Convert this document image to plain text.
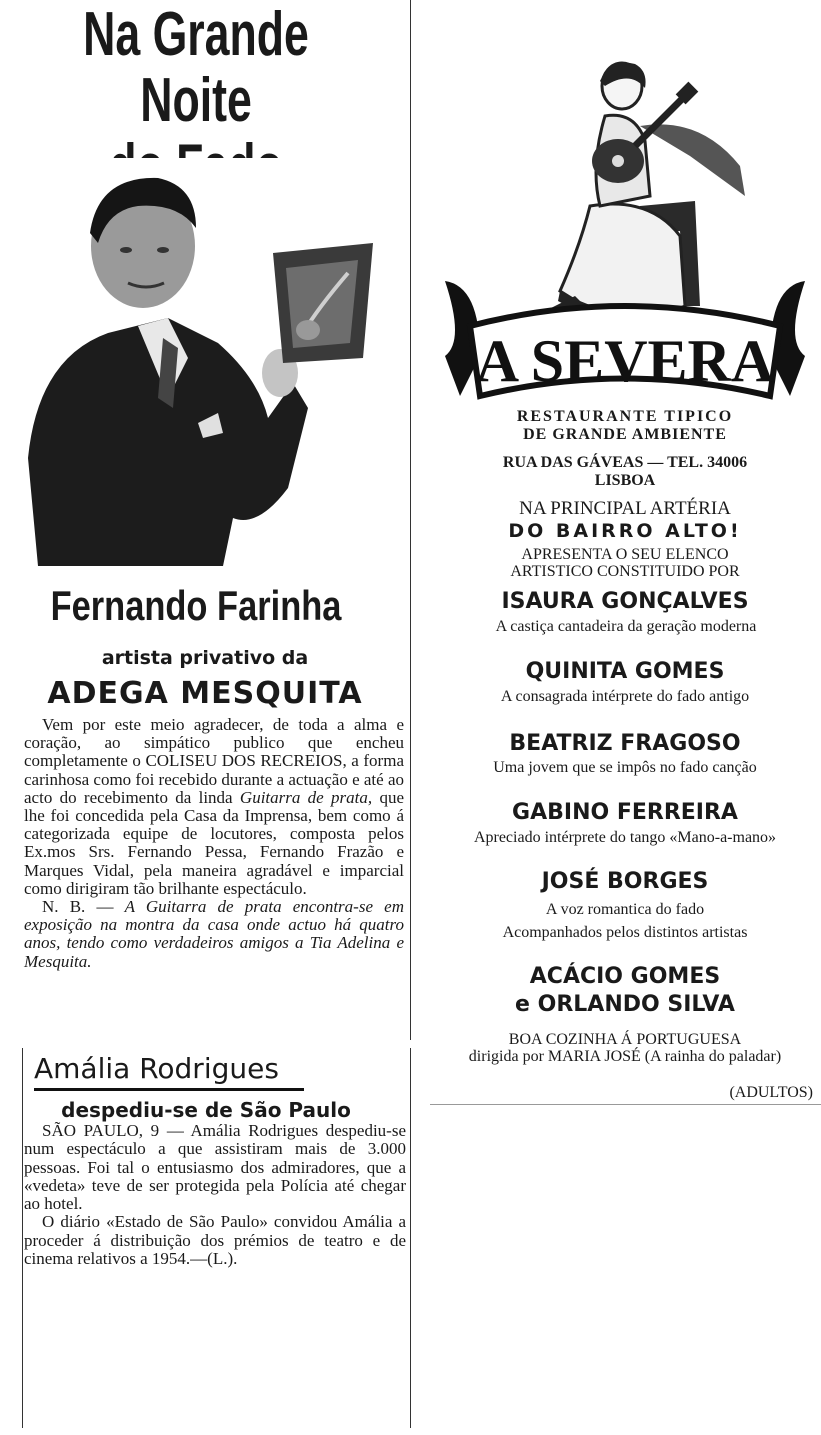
Na Grande Noite
Fernando Farinha
artista privativo da
ADEGA MESQUITA

Vem por este meio agradecer, de toda a alma e coração, ao simpático publico que encheu completamente o COLISEU DOS RECREIOS, a forma carinhosa como foi recebido durante a actuação e até ao acto do recebimento da linda Guitarra de prata, que lhe foi concedida pela Casa da Imprensa, bem como á categorizada equipe de locutores, composta pelos Ex.mos Srs. Fernando Pessa, Fernando Frazão e Marques Vidal, pela maneira agradável e imparcial como dirigiram tão brilhante espectáculo.

N. B. — A Guitarra de prata encontra-se em exposição na montra da casa onde actuo há quatro anos, tendo como verdadeiros amigos a Tia Adelina e Mesquita.

A SEVERA
RESTAURANTE TIPICO
DE GRANDE AMBIENTE
RUA DAS GÁVEAS — TEL. 34006
LISBOA
NA PRINCIPAL ARTÉRIA
DO BAIRRO ALTO!
APRESENTA O SEU ELENCO
ARTISTICO CONSTITUIDO POR
ISAURA GONÇALVES
A castiça cantadeira da geração moderna
QUINITA GOMES
A consagrada intérprete do fado antigo
BEATRIZ FRAGOSO
Uma jovem que se impôs no fado canção
GABINO FERREIRA
Apreciado intérprete do tango «Mano-a-mano»
JOSÉ BORGES
A voz romantica do fado
Acompanhados pelos distintos artistas
ACÁCIO GOMES
e ORLANDO SILVA
BOA COZINHA Á PORTUGUESA
dirigida por MARIA JOSÉ (A rainha do paladar)
(ADULTOS)
Amália Rodrigues
despediu-se de São Paulo

SÃO PAULO, 9 — Amália Rodrigues despediu-se num espectáculo a que assistiram mais de 3.000 pessoas. Foi tal o entusiasmo dos admiradores, que a «vedeta» teve de ser protegida pela Polícia até chegar ao hotel.

O diário «Estado de São Paulo» convidou Amália a proceder á distribuição dos prémios de teatro e de cinema relativos a 1954.—(L.).
